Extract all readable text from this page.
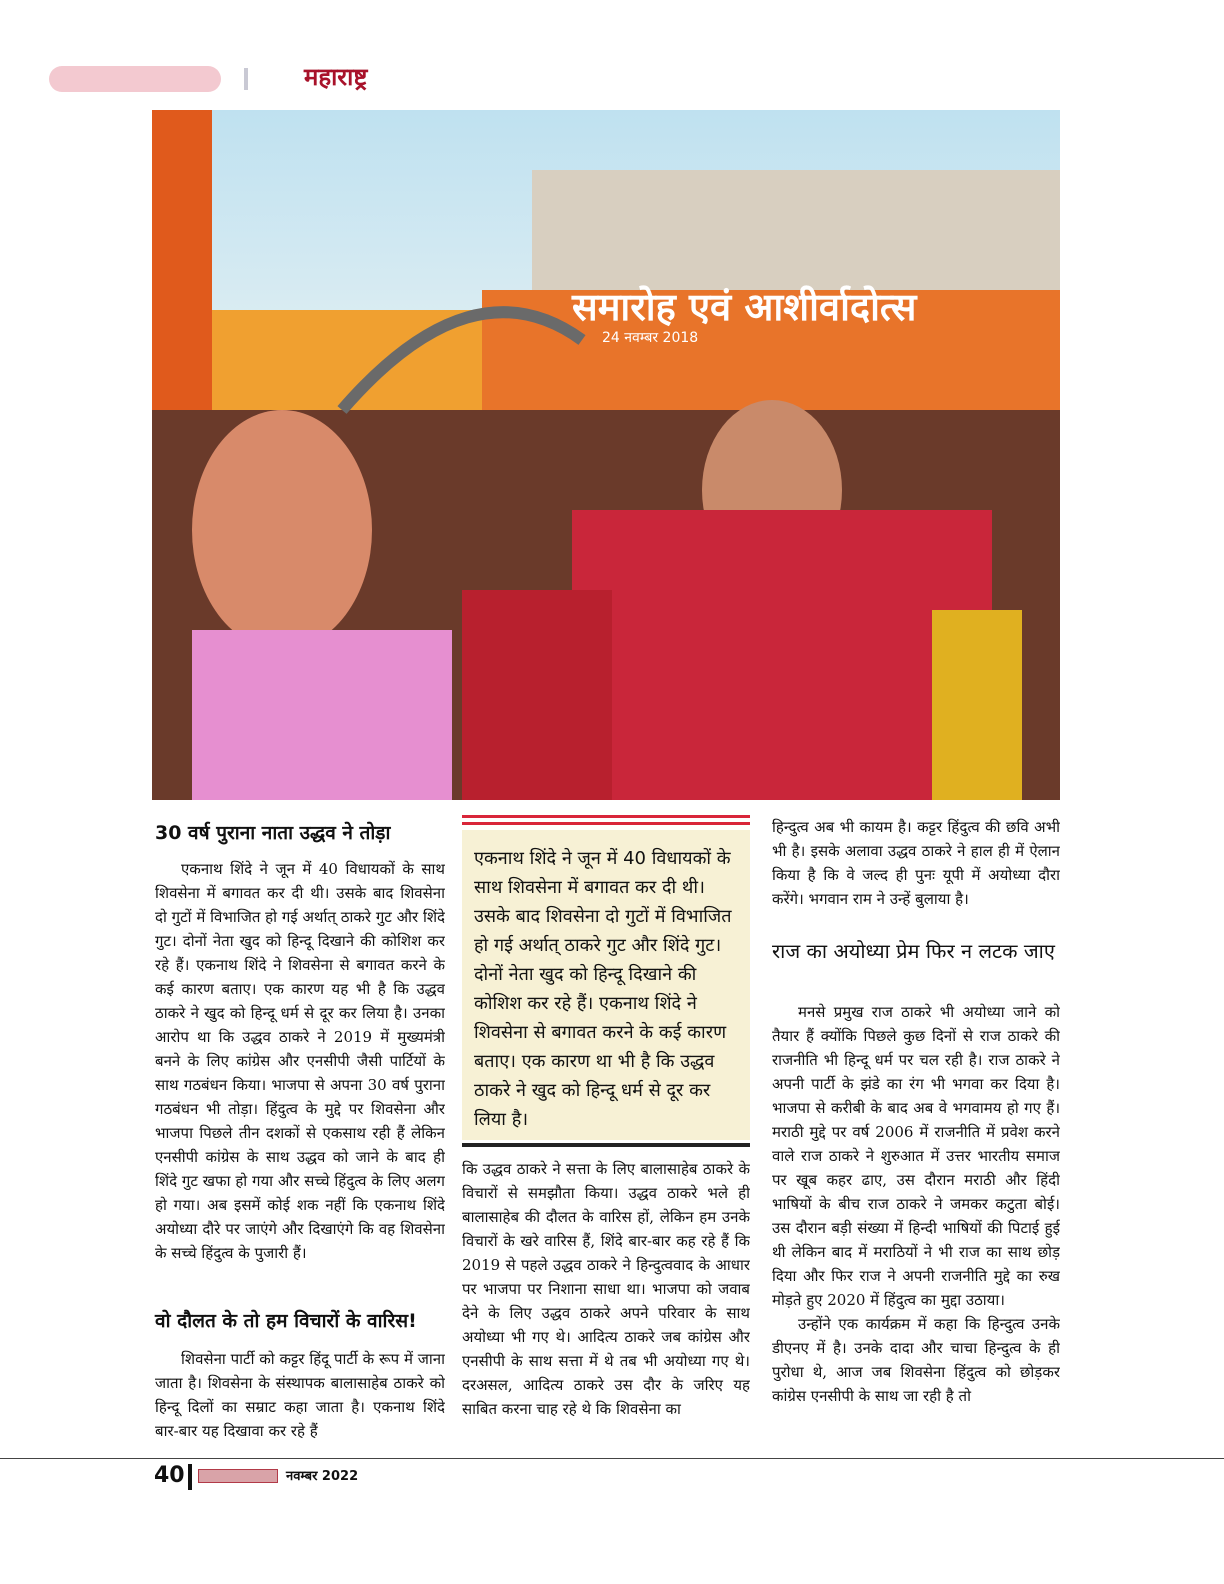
महाराष्ट्र
समारोह एवं आशीर्वादोत्स
24 नवम्बर 2018
30 वर्ष पुराना नाता उद्धव ने तोड़ा

एकनाथ शिंदे ने जून में 40 विधायकों के साथ शिवसेना में बगावत कर दी थी। उसके बाद शिवसेना दो गुटों में विभाजित हो गई अर्थात् ठाकरे गुट और शिंदे गुट। दोनों नेता खुद को हिन्दू दिखाने की कोशिश कर रहे हैं। एकनाथ शिंदे ने शिवसेना से बगावत करने के कई कारण बताए। एक कारण यह भी है कि उद्धव ठाकरे ने खुद को हिन्दू धर्म से दूर कर लिया है। उनका आरोप था कि उद्धव ठाकरे ने 2019 में मुख्यमंत्री बनने के लिए कांग्रेस और एनसीपी जैसी पार्टियों के साथ गठबंधन किया। भाजपा से अपना 30 वर्ष पुराना गठबंधन भी तोड़ा। हिंदुत्व के मुद्दे पर शिवसेना और भाजपा पिछले तीन दशकों से एकसाथ रही हैं लेकिन एनसीपी कांग्रेस के साथ उद्धव को जाने के बाद ही शिंदे गुट खफा हो गया और सच्चे हिंदुत्व के लिए अलग हो गया। अब इसमें कोई शक नहीं कि एकनाथ शिंदे अयोध्या दौरे पर जाएंगे और दिखाएंगे कि वह शिवसेना के सच्चे हिंदुत्व के पुजारी हैं।

वो दौलत के तो हम विचारों के वारिस!

शिवसेना पार्टी को कट्टर हिंदू पार्टी के रूप में जाना जाता है। शिवसेना के संस्थापक बालासाहेब ठाकरे को हिन्दू दिलों का सम्राट कहा जाता है। एकनाथ शिंदे बार-बार यह दिखावा कर रहे हैं

एकनाथ शिंदे ने जून में 40 विधायकों के साथ शिवसेना में बगावत कर दी थी। उसके बाद शिवसेना दो गुटों में विभाजित हो गई अर्थात् ठाकरे गुट और शिंदे गुट। दोनों नेता खुद को हिन्दू दिखाने की कोशिश कर रहे हैं। एकनाथ शिंदे ने शिवसेना से बगावत करने के कई कारण बताए। एक कारण था भी है कि उद्धव ठाकरे ने खुद को हिन्दू धर्म से दूर कर लिया है।

कि उद्धव ठाकरे ने सत्ता के लिए बालासाहेब ठाकरे के विचारों से समझौता किया। उद्धव ठाकरे भले ही बालासाहेब की दौलत के वारिस हों, लेकिन हम उनके विचारों के खरे वारिस हैं, शिंदे बार-बार कह रहे हैं कि 2019 से पहले उद्धव ठाकरे ने हिन्दुत्ववाद के आधार पर भाजपा पर निशाना साधा था। भाजपा को जवाब देने के लिए उद्धव ठाकरे अपने परिवार के साथ अयोध्या भी गए थे। आदित्य ठाकरे जब कांग्रेस और एनसीपी के साथ सत्ता में थे तब भी अयोध्या गए थे। दरअसल, आदित्य ठाकरे उस दौर के जरिए यह साबित करना चाह रहे थे कि शिवसेना का

हिन्दुत्व अब भी कायम है। कट्टर हिंदुत्व की छवि अभी भी है। इसके अलावा उद्धव ठाकरे ने हाल ही में ऐलान किया है कि वे जल्द ही पुनः यूपी में अयोध्या दौरा करेंगे। भगवान राम ने उन्हें बुलाया है।

राज का अयोध्या प्रेम फिर न लटक जाए

मनसे प्रमुख राज ठाकरे भी अयोध्या जाने को तैयार हैं क्योंकि पिछले कुछ दिनों से राज ठाकरे की राजनीति भी हिन्दू धर्म पर चल रही है। राज ठाकरे ने अपनी पार्टी के झंडे का रंग भी भगवा कर दिया है। भाजपा से करीबी के बाद अब वे भगवामय हो गए हैं। मराठी मुद्दे पर वर्ष 2006 में राजनीति में प्रवेश करने वाले राज ठाकरे ने शुरुआत में उत्तर भारतीय समाज पर खूब कहर ढाए, उस दौरान मराठी और हिंदी भाषियों के बीच राज ठाकरे ने जमकर कटुता बोई। उस दौरान बड़ी संख्या में हिन्दी भाषियों की पिटाई हुई थी लेकिन बाद में मराठियों ने भी राज का साथ छोड़ दिया और फिर राज ने अपनी राजनीति मुद्दे का रुख मोड़ते हुए 2020 में हिंदुत्व का मुद्दा उठाया।

उन्होंने एक कार्यक्रम में कहा कि हिन्दुत्व उनके डीएनए में है। उनके दादा और चाचा हिन्दुत्व के ही पुरोधा थे, आज जब शिवसेना हिंदुत्व को छोड़कर कांग्रेस एनसीपी के साथ जा रही है तो

40	नवम्बर 2022
